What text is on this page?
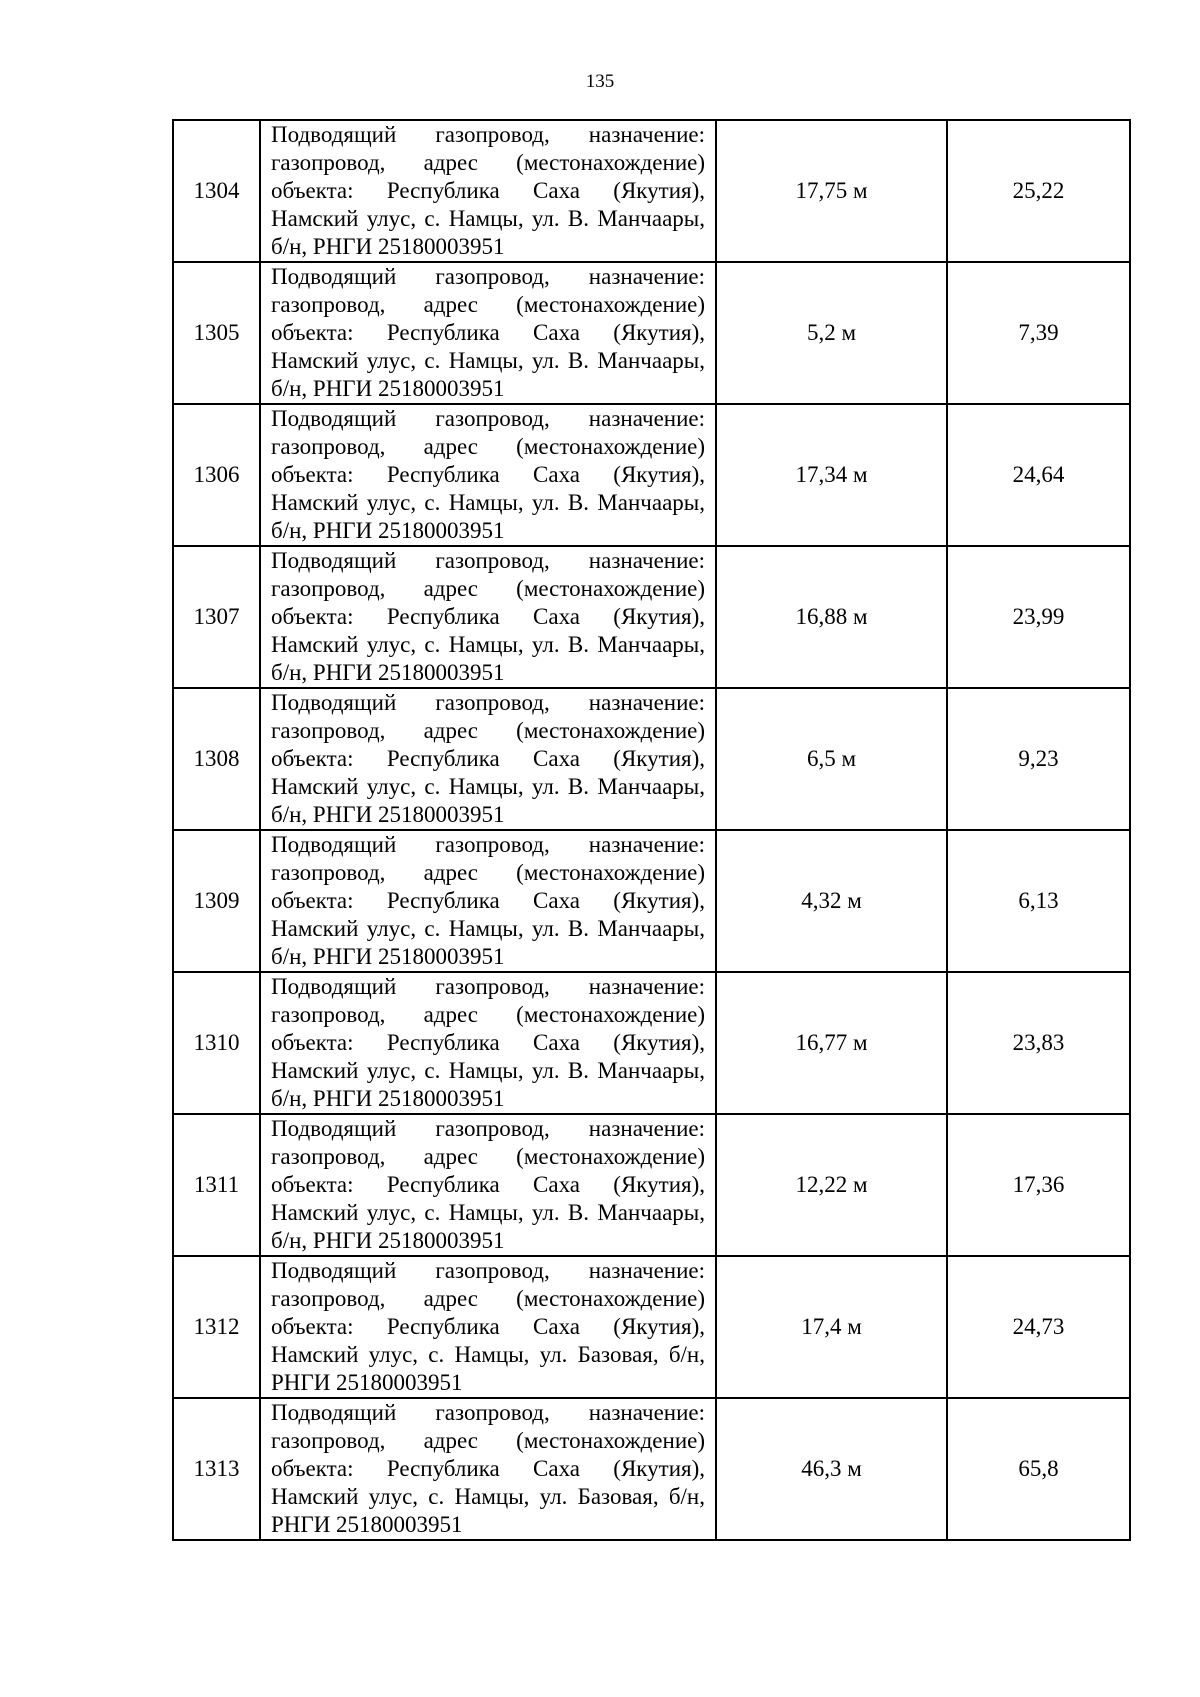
135
1304	Подводящий газопровод, назначение: газопровод, адрес (местонахождение) объекта: Республика Саха (Якутия), Намский улус, с. Намцы, ул. В. Манчаары, б/н, РНГИ 25180003951	17,75 м	25,22
1305	Подводящий газопровод, назначение: газопровод, адрес (местонахождение) объекта: Республика Саха (Якутия), Намский улус, с. Намцы, ул. В. Манчаары, б/н, РНГИ 25180003951	5,2 м	7,39
1306	Подводящий газопровод, назначение: газопровод, адрес (местонахождение) объекта: Республика Саха (Якутия), Намский улус, с. Намцы, ул. В. Манчаары, б/н, РНГИ 25180003951	17,34 м	24,64
1307	Подводящий газопровод, назначение: газопровод, адрес (местонахождение) объекта: Республика Саха (Якутия), Намский улус, с. Намцы, ул. В. Манчаары, б/н, РНГИ 25180003951	16,88 м	23,99
1308	Подводящий газопровод, назначение: газопровод, адрес (местонахождение) объекта: Республика Саха (Якутия), Намский улус, с. Намцы, ул. В. Манчаары, б/н, РНГИ 25180003951	6,5 м	9,23
1309	Подводящий газопровод, назначение: газопровод, адрес (местонахождение) объекта: Республика Саха (Якутия), Намский улус, с. Намцы, ул. В. Манчаары, б/н, РНГИ 25180003951	4,32 м	6,13
1310	Подводящий газопровод, назначение: газопровод, адрес (местонахождение) объекта: Республика Саха (Якутия), Намский улус, с. Намцы, ул. В. Манчаары, б/н, РНГИ 25180003951	16,77 м	23,83
1311	Подводящий газопровод, назначение: газопровод, адрес (местонахождение) объекта: Республика Саха (Якутия), Намский улус, с. Намцы, ул. В. Манчаары, б/н, РНГИ 25180003951	12,22 м	17,36
1312	Подводящий газопровод, назначение: газопровод, адрес (местонахождение) объекта: Республика Саха (Якутия), Намский улус, с. Намцы, ул. Базовая, б/н, РНГИ 25180003951	17,4 м	24,73
1313	Подводящий газопровод, назначение: газопровод, адрес (местонахождение) объекта: Республика Саха (Якутия), Намский улус, с. Намцы, ул. Базовая, б/н, РНГИ 25180003951	46,3 м	65,8
